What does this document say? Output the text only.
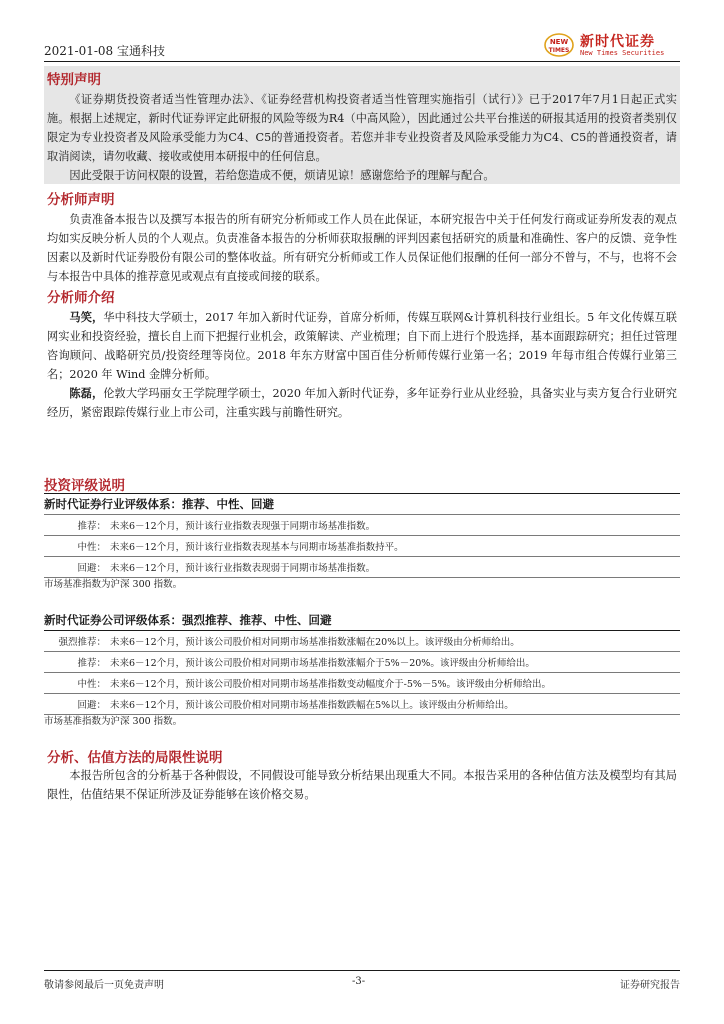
2021-01-08 宝通科技
NEW
TIMES
新时代证券
New Times Securities
特别声明

《证券期货投资者适当性管理办法》、《证券经营机构投资者适当性管理实施指引（试行）》已于2017年7月1日起正式实施。根据上述规定，新时代证券评定此研报的风险等级为R4（中高风险），因此通过公共平台推送的研报其适用的投资者类别仅限定为专业投资者及风险承受能力为C4、C5的普通投资者。若您并非专业投资者及风险承受能力为C4、C5的普通投资者，请取消阅读，请勿收藏、接收或使用本研报中的任何信息。

因此受限于访问权限的设置，若给您造成不便，烦请见谅！感谢您给予的理解与配合。

分析师声明

负责准备本报告以及撰写本报告的所有研究分析师或工作人员在此保证，本研究报告中关于任何发行商或证券所发表的观点均如实反映分析人员的个人观点。负责准备本报告的分析师获取报酬的评判因素包括研究的质量和准确性、客户的反馈、竞争性因素以及新时代证券股份有限公司的整体收益。所有研究分析师或工作人员保证他们报酬的任何一部分不曾与，不与，也将不会与本报告中具体的推荐意见或观点有直接或间接的联系。

分析师介绍

马笑，华中科技大学硕士，2017 年加入新时代证券，首席分析师，传媒互联网&计算机科技行业组长。5 年文化传媒互联网实业和投资经验，擅长自上而下把握行业机会，政策解读、产业梳理；自下而上进行个股选择，基本面跟踪研究；担任过管理咨询顾问、战略研究员/投资经理等岗位。2018 年东方财富中国百佳分析师传媒行业第一名；2019 年每市组合传媒行业第三名；2020 年 Wind 金牌分析师。

陈磊，伦敦大学玛丽女王学院理学硕士，2020 年加入新时代证券，多年证券行业从业经验，具备实业与卖方复合行业研究经历，紧密跟踪传媒行业上市公司，注重实践与前瞻性研究。

投资评级说明
新时代证券行业评级体系：推荐、中性、回避
推荐：	未来6－12个月，预计该行业指数表现强于同期市场基准指数。
中性：	未来6－12个月，预计该行业指数表现基本与同期市场基准指数持平。
回避：	未来6－12个月，预计该行业指数表现弱于同期市场基准指数。
市场基准指数为沪深 300 指数。
新时代证券公司评级体系：强烈推荐、推荐、中性、回避
强烈推荐：	未来6－12个月，预计该公司股价相对同期市场基准指数涨幅在20%以上。该评级由分析师给出。
推荐：	未来6－12个月，预计该公司股价相对同期市场基准指数涨幅介于5%－20%。该评级由分析师给出。
中性：	未来6－12个月，预计该公司股价相对同期市场基准指数变动幅度介于-5%－5%。该评级由分析师给出。
回避：	未来6－12个月，预计该公司股价相对同期市场基准指数跌幅在5%以上。该评级由分析师给出。
市场基准指数为沪深 300 指数。
分析、估值方法的局限性说明

本报告所包含的分析基于各种假设，不同假设可能导致分析结果出现重大不同。本报告采用的各种估值方法及模型均有其局限性，估值结果不保证所涉及证券能够在该价格交易。

敬请参阅最后一页免责声明	-3-	证券研究报告
